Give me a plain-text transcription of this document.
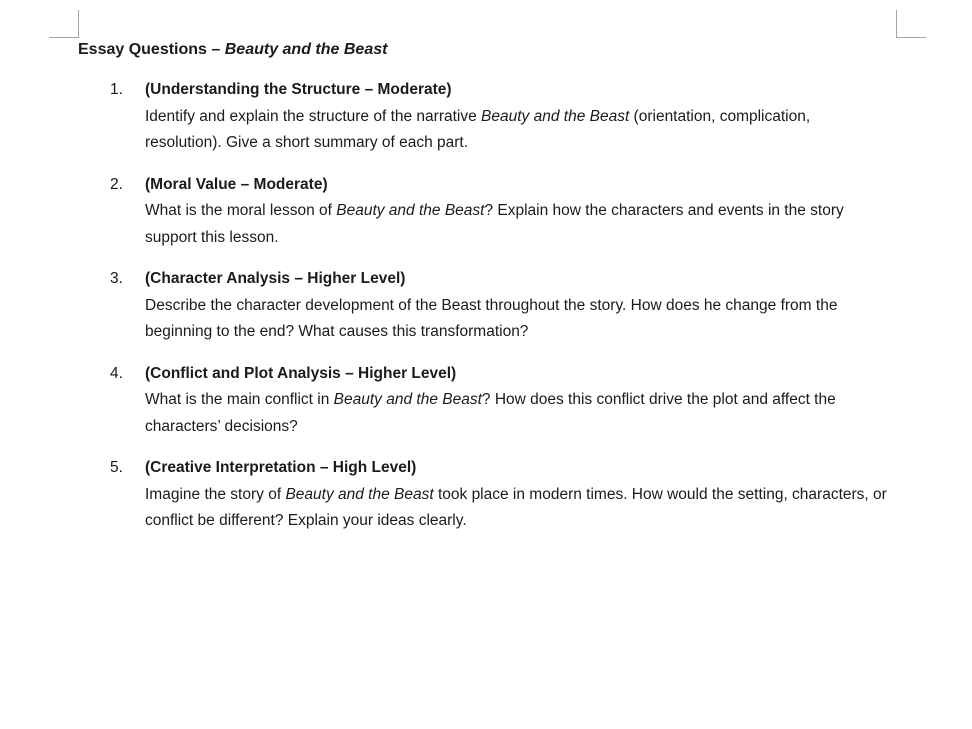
Essay Questions – Beauty and the Beast
1.	(Understanding the Structure – Moderate)
Identify and explain the structure of the narrative Beauty and the Beast (orientation, complication, resolution). Give a short summary of each part.
2.	(Moral Value – Moderate)
What is the moral lesson of Beauty and the Beast? Explain how the characters and events in the story support this lesson.
3.	(Character Analysis – Higher Level)
Describe the character development of the Beast throughout the story. How does he change from the beginning to the end? What causes this transformation?
4.	(Conflict and Plot Analysis – Higher Level)
What is the main conflict in Beauty and the Beast? How does this conflict drive the plot and affect the characters’ decisions?
5.	(Creative Interpretation – High Level)
Imagine the story of Beauty and the Beast took place in modern times. How would the setting, characters, or conflict be different? Explain your ideas clearly.
